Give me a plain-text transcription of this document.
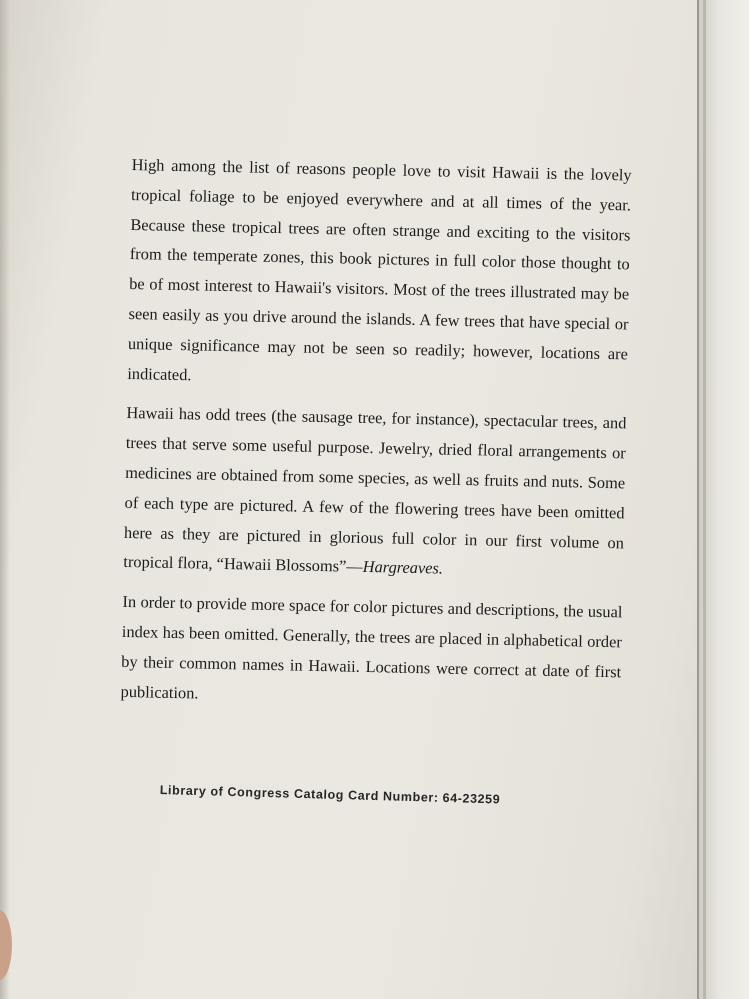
High among the list of reasons people love to visit Hawaii is the lovely tropical foliage to be enjoyed everywhere and at all times of the year. Because these tropical trees are often strange and exciting to the visitors from the temperate zones, this book pictures in full color those thought to be of most interest to Hawaii's visitors. Most of the trees illustrated may be seen easily as you drive around the islands. A few trees that have special or unique significance may not be seen so readily; however, locations are indicated.

Hawaii has odd trees (the sausage tree, for instance), spectacular trees, and trees that serve some useful purpose. Jewelry, dried floral arrangements or medicines are obtained from some species, as well as fruits and nuts. Some of each type are pictured. A few of the flowering trees have been omitted here as they are pictured in glorious full color in our first volume on tropical flora, “Hawaii Blossoms”—Hargreaves.

In order to provide more space for color pictures and descriptions, the usual index has been omitted. Generally, the trees are placed in alphabetical order by their common names in Hawaii. Locations were correct at date of first publication.

Library of Congress Catalog Card Number: 64-23259
